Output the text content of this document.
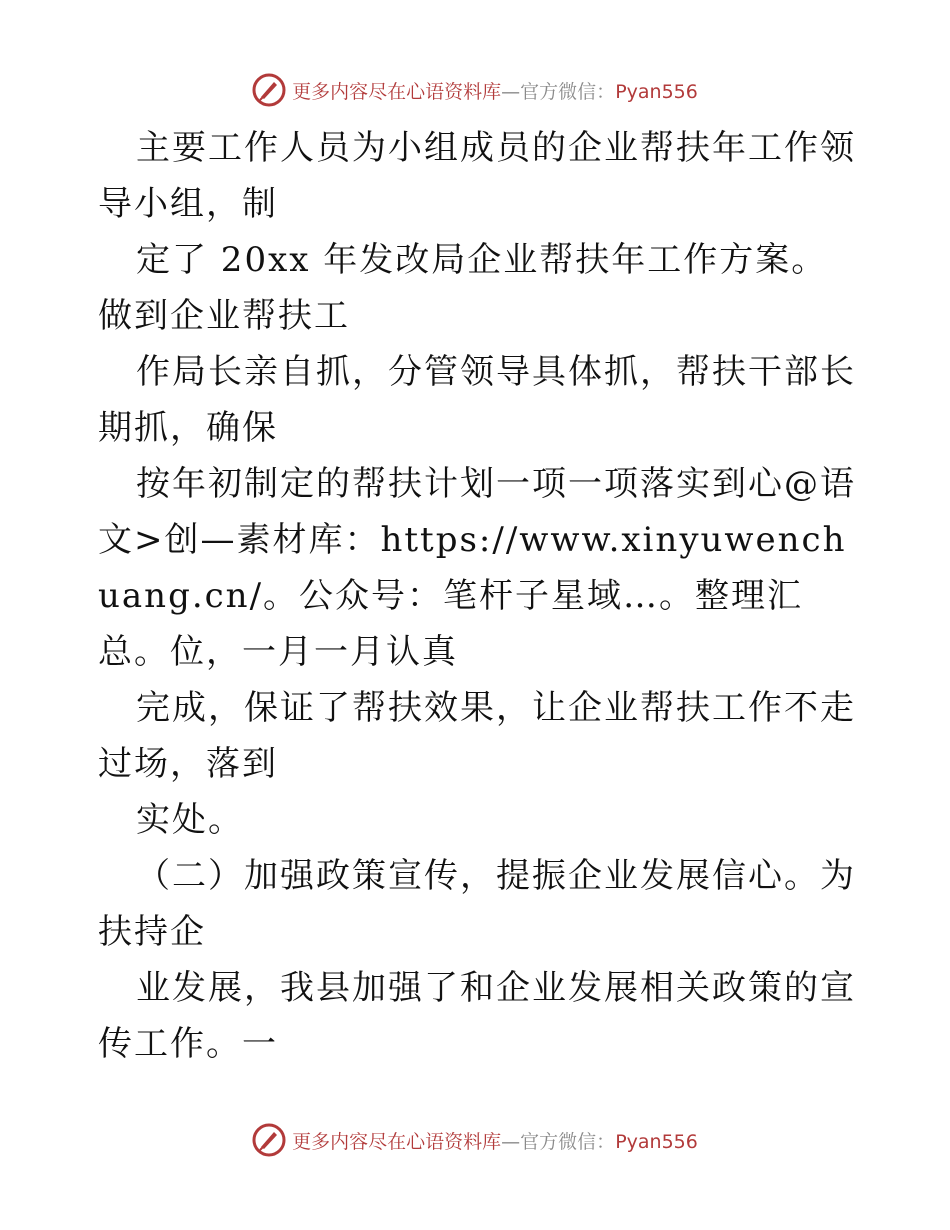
更多内容尽在心语资料库—官方微信：Pyan556
主要工作人员为小组成员的企业帮扶年工作领导小组，制
定了 20xx 年发改局企业帮扶年工作方案。做到企业帮扶工
作局长亲自抓，分管领导具体抓，帮扶干部长期抓，确保
按年初制定的帮扶计划一项一项落实到心@语文>创—素材库：https://www.xinyuwenchuang.cn/。公众号：笔杆子星域…。整理汇总。位，一月一月认真
完成，保证了帮扶效果，让企业帮扶工作不走过场，落到
实处。
（二）加强政策宣传，提振企业发展信心。为扶持企
业发展，我县加强了和企业发展相关政策的宣传工作。一
更多内容尽在心语资料库—官方微信：Pyan556
